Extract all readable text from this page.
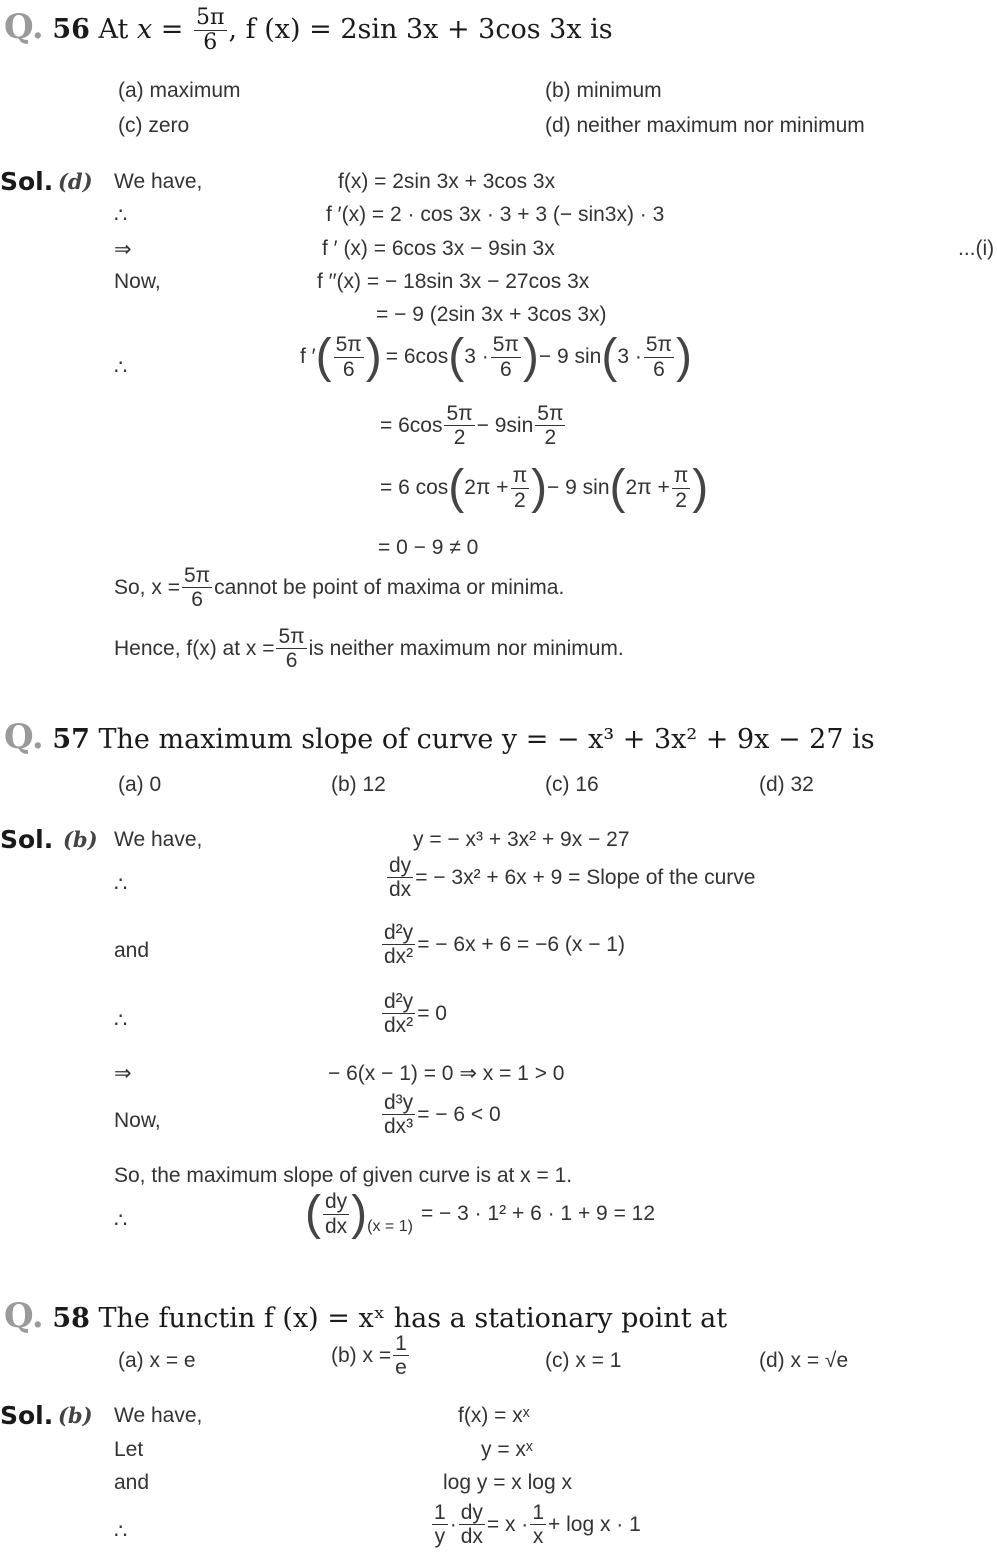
Q. 56 At $x = \frac{5\pi}{6}$ , f (x) = 2sin 3x + 3cos 3x is
(a) maximum	(b) minimum
(c) zero	(d) neither maximum nor minimum
Sol. (d) We have,	f(x) = 2sin 3x + 3cos 3x
∴	f ′(x) = 2 · cos 3x · 3 + 3 (− sin3x) · 3
⇒	f ′ (x) = 6cos 3x − 9sin 3x	...(i)
Now,	f ′′(x) = − 18sin 3x − 27cos 3x
= − 9 (2sin 3x + 3cos 3x)
∴	f ′ ( $\frac{5\pi}{6}$ ) = 6cos ( $3 \cdot \frac{5\pi}{6}$ ) − 9 sin ( $3 \cdot \frac{5\pi}{6}$ )
= $6\cos \frac{5\pi}{2} - 9\sin \frac{5\pi}{2}$
= 6 cos ( $2\pi + \frac{\pi}{2}$ ) − 9 sin ( $2\pi + \frac{\pi}{2}$ )
= 0 − 9 ≠ 0
So, $x = \frac{5\pi}{6}$ cannot be point of maxima or minima.
Hence, f(x) at $x = \frac{5\pi}{6}$ is neither maximum nor minimum.
Q. 57 The maximum slope of curve y = − x³ + 3x² + 9x − 27 is
(a) 0	(b) 12	(c) 16	(d) 32
Sol. (b) We have,	y = − x³ + 3x² + 9x − 27
∴	$\frac{dy}{dx}$ = − 3x² + 6x + 9 = Slope of the curve
and	$\frac{\text{d²y}}{\text{dx²}}$ = − 6x + 6 = −6 (x − 1)
∴	$\frac{\text{d²y}}{\text{dx²}} = 0$
⇒	− 6(x − 1) = 0 ⇒ x = 1 > 0
Now,	$\frac{\text{d³y}}{\text{dx³}}$ = − 6 < 0
So, the maximum slope of given curve is at x = 1.
∴	( $\frac{dy}{dx}$ ) (x = 1)
= − 3 · 1² + 6 · 1 + 9 = 12
Q. 58 The functin f (x) = xˣ has a stationary point at
(a) x = e	(b) $x = \frac{1}{e}$	(c) x = 1	(d) x = √e
Sol. (b) We have,	f(x) = xˣ
Let	y = xˣ
and	log y = x log x
∴	$\frac{1}{y} \cdot \frac{dy}{dx} = x \cdot \frac{1}{x} + \log x \cdot 1$
